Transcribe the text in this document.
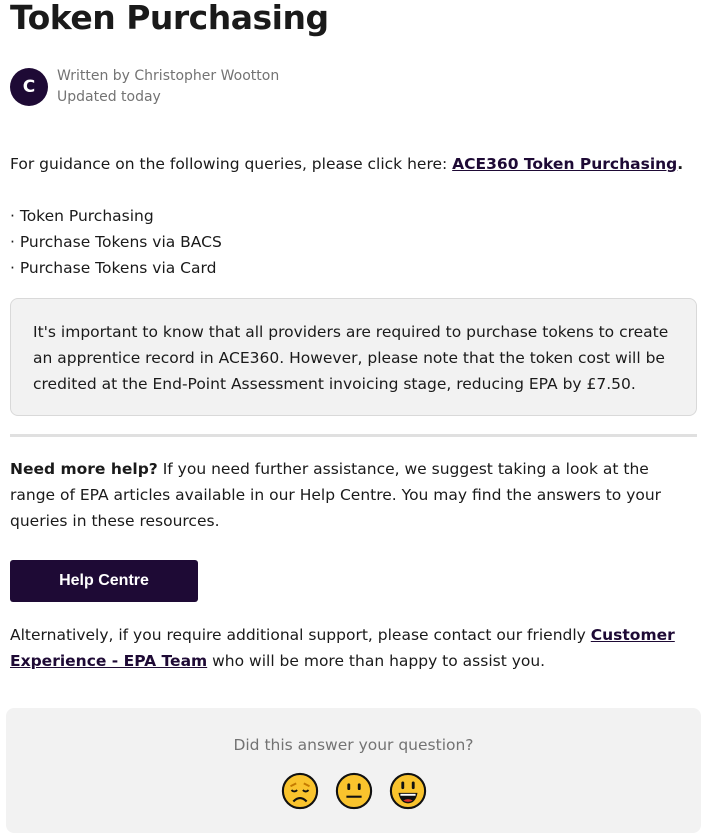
Token Purchasing
C
Written by Christopher Wootton
Updated today
For guidance on the following queries, please click here: ACE360 Token Purchasing.
· Token Purchasing
· Purchase Tokens via BACS
· Purchase Tokens via Card
It's important to know that all providers are required to purchase tokens to create an apprentice record in ACE360. However, please note that the token cost will be credited at the End-Point Assessment invoicing stage, reducing EPA by £7.50.
Need more help? If you need further assistance, we suggest taking a look at the range of EPA articles available in our Help Centre. You may find the answers to your queries in these resources.
Help Centre
Alternatively, if you require additional support, please contact our friendly Customer Experience - EPA Team who will be more than happy to assist you.
Did this answer your question?
